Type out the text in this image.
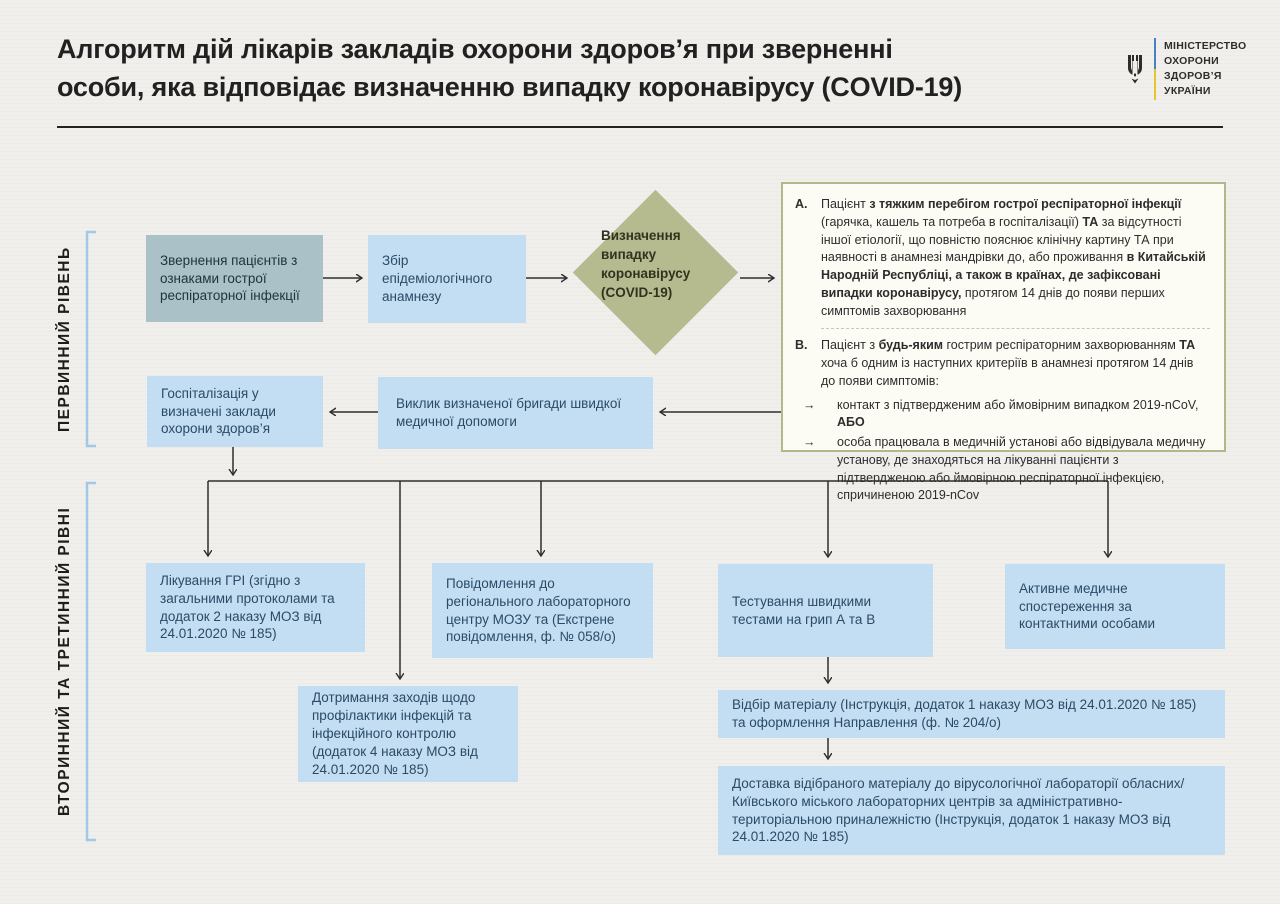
Алгоритм дій лікарів закладів охорони здоров’я при зверненні
особи, яка відповідає визначенню випадку коронавірусу (COVID-19)
МІНІСТЕРСТВО
ОХОРОНИ
ЗДОРОВ’Я
УКРАЇНИ
ПЕРВИННИЙ РІВЕНЬ
ВТОРИННИЙ ТА ТРЕТИННИЙ РІВНІ
Звернення пацієнтів з ознаками гострої респіраторної інфекції
Збір епідеміологічного анамнезу
Госпіталізація у визначені заклади охорони здоров’я
Виклик визначеної бригади швидкої медичної допомоги
Лікування ГРІ (згідно з загальними протоколами та додаток 2 наказу МОЗ від 24.01.2020 № 185)
Повідомлення до регіонального лабораторного центру МОЗУ та (Екстрене повідомлення, ф. № 058/о)
Тестування швидкими тестами на грип А та В
Активне медичне спостереження за контактними особами
Дотримання заходів щодо профілактики інфекцій та інфекційного контролю (додаток 4 наказу МОЗ від 24.01.2020 № 185)
Відбір матеріалу (Інструкція, додаток 1 наказу МОЗ від 24.01.2020 № 185) та оформлення Направлення (ф. № 204/о)
Доставка відібраного матеріалу до вірусологічної лабораторії обласних/Київського міського лабораторних центрів за адміністративно-територіальною приналежністю (Інструкція, додаток 1 наказу МОЗ від 24.01.2020 № 185)
Визначення випадку коронавірусу (COVID-19)
А.	Пацієнт з тяжким перебігом гострої респіраторної інфекції (гарячка, кашель та потреба в госпіталізації) ТА за відсутності іншої етіології, що повністю пояснює клінічну картину ТА при наявності в анамнезі мандрівки до, або проживання в Китайській Народній Республіці, а також в країнах, де зафіксовані випадки коронавірусу, протягом 14 днів до появи перших симптомів захворювання
В.	Пацієнт з будь-яким гострим респіраторним захворюванням ТА хоча б одним із наступних критеріїв в анамнезі протягом 14 днів до появи симптомів:
→	контакт з підтвердженим або ймовірним випадком 2019-nCoV, АБО
→	особа працювала в медичній установі або відвідувала медичну установу, де знаходяться на лікуванні пацієнти з підтвердженою або ймовірною респіраторної інфекцією, спричиненою 2019-nCov
